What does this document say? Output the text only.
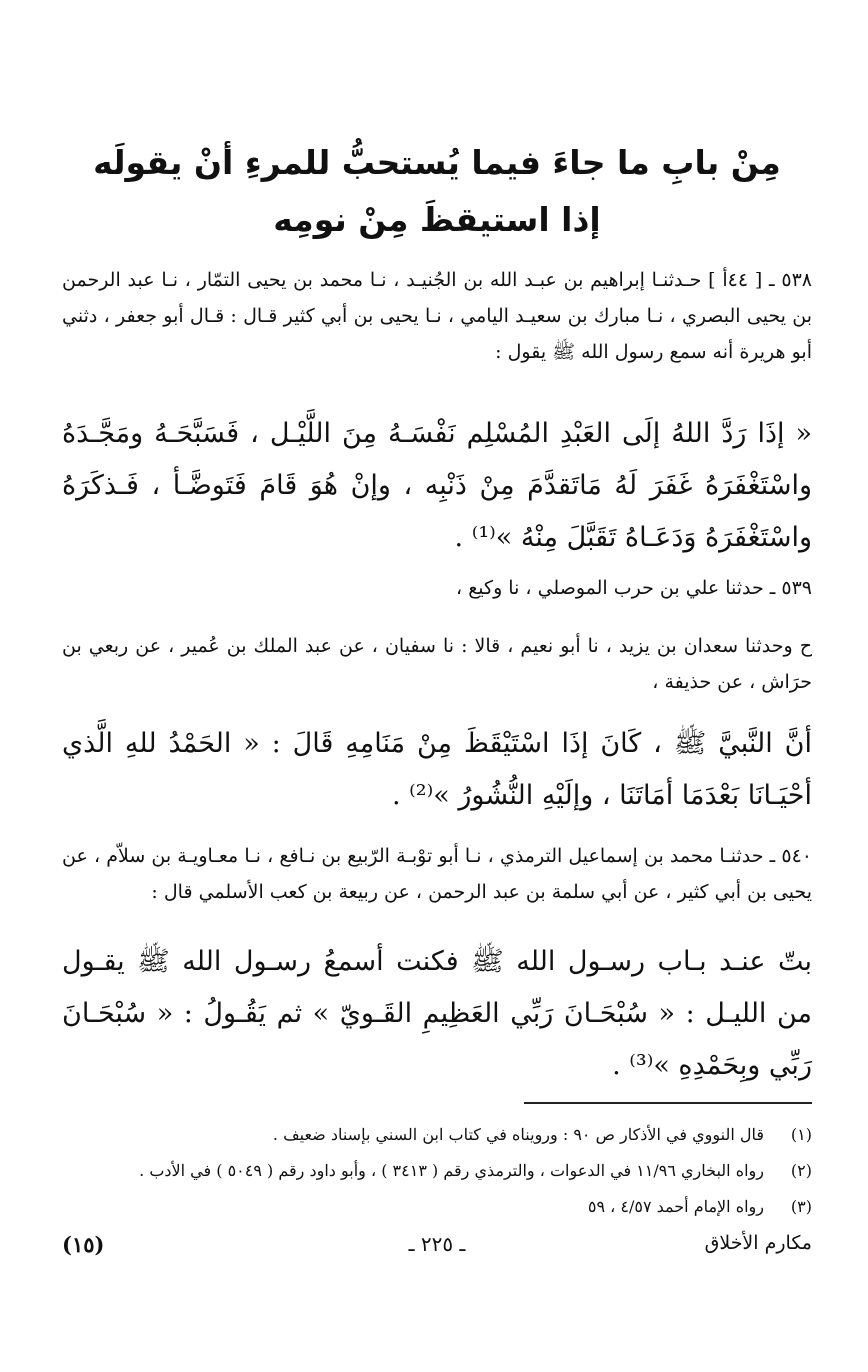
مِنْ بابِ ما جاءَ فيما يُستحبُّ للمرءِ أنْ يقولَه
إذا استيقظَ مِنْ نومِه

٥٣٨ ـ [ ٤٤أ ] حـدثنـا إبراهيم بن عبـد الله بن الجُنيـد ، نـا محمد بن يحيى التمّار ، نـا عبد الرحمن بن يحيى البصري ، نـا مبارك بن سعيـد اليامي ، نـا يحيى بن أبي كثير قـال : قـال أبو جعفر ، دثني أبو هريرة أنه سمع رسول الله ﷺ يقول :

« إذَا رَدَّ اللهُ إلَى العَبْدِ المُسْلِم نَفْسَـهُ مِنَ اللَّيْـل ، فَسَبَّحَـهُ ومَجَّـدَهُ واسْتَغْفَرَهُ غَفَرَ لَهُ مَاتَقدَّمَ مِنْ ذَنْبِه ، وإنْ هُوَ قَامَ فَتَوضَّـأ ، فَـذكَرَهُ واسْتَغْفَرَهُ وَدَعَـاهُ تَقَبَّلَ مِنْهُ »⁽¹⁾ .

٥٣٩ ـ حدثنا علي بن حرب الموصلي ، نا وكيع ،

ح وحدثنا سعدان بن يزيد ، نا أبو نعيم ، قالا : نا سفيان ، عن عبد الملك بن عُمير ، عن ربعي بن حرَاش ، عن حذيفة ،

أنَّ النَّبيَّ ﷺ ، كَانَ إذَا اسْتَيْقَظَ مِنْ مَنَامِهِ قَالَ : « الحَمْدُ للهِ الَّذي أحْيَـانَا بَعْدَمَا أمَاتَنَا ، وإلَيْهِ النُّشُورُ »⁽²⁾ .

٥٤٠ ـ حدثنـا محمد بن إسماعيل الترمذي ، نـا أبو توْبـة الرّبيع بن نـافع ، نـا معـاويـة بن سلاّم ، عن يحيى بن أبي كثير ، عن أبي سلمة بن عبد الرحمن ، عن ربيعة بن كعب الأسلمي قال :

بتّ عنـد بـاب رسـول الله ﷺ فكنت أسمعُ رسـول الله ﷺ يقـول من الليـل : « سُبْحَـانَ رَبِّي العَظِيمِ القَـويّ » ثم يَقُـولُ : « سُبْحَـانَ رَبِّي وبِحَمْدِهِ »⁽³⁾ .

(١)
قال النووي في الأذكار ص ٩٠ : ورويناه في كتاب ابن السني بإسناد ضعيف .
(٢)
رواه البخاري ١١/٩٦ في الدعوات ، والترمذي رقم ( ٣٤١٣ ) ، وأبو داود رقم ( ٥٠٤٩ ) في الأدب .
(٣)
رواه الإمام أحمد ٤/٥٧ ، ٥٩
مكارم الأخلاق
ـ ٢٢٥ ـ
(١٥)
